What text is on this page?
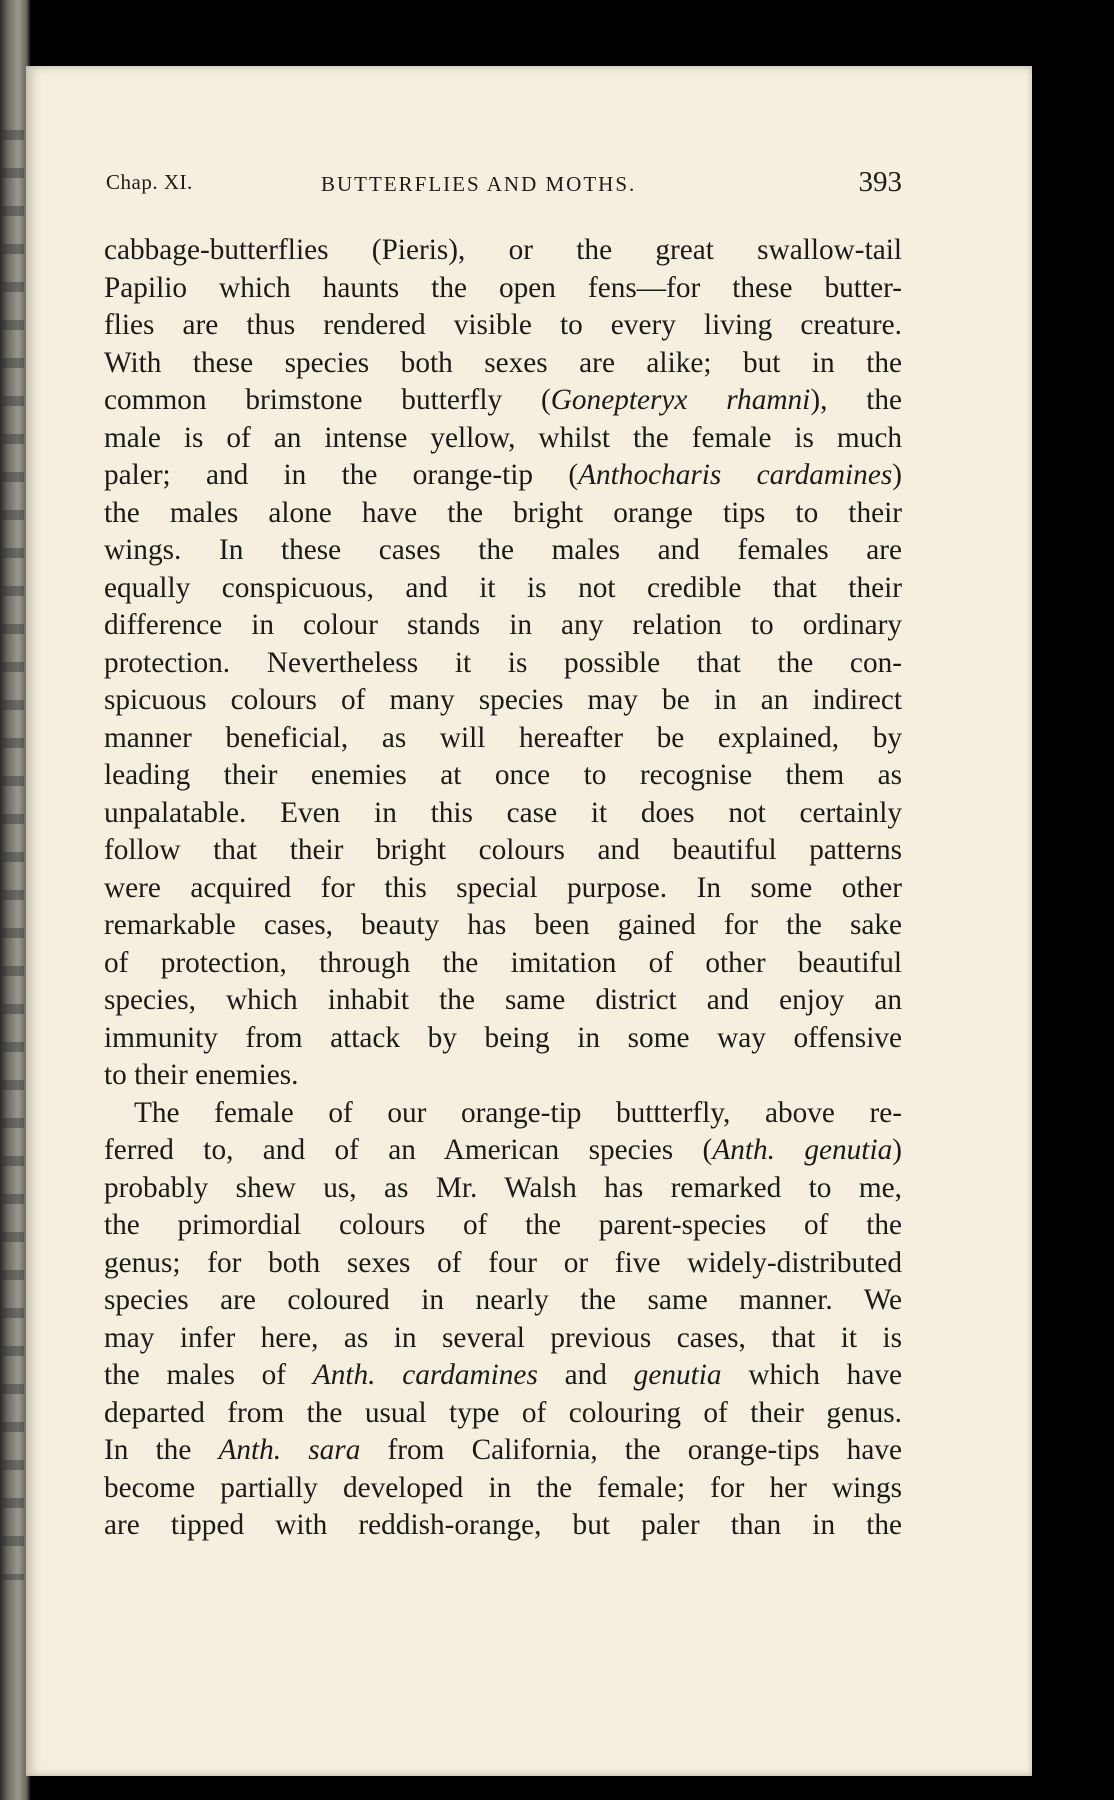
Chap. XI.	BUTTERFLIES AND MOTHS.	393
cabbage-butterflies (Pieris), or the great swallow-tail
Papilio which haunts the open fens—for these butter-
flies are thus rendered visible to every living creature.
With these species both sexes are alike; but in the
common brimstone butterfly (Gonepteryx rhamni), the
male is of an intense yellow, whilst the female is much
paler; and in the orange-tip (Anthocharis cardamines)
the males alone have the bright orange tips to their
wings. In these cases the males and females are
equally conspicuous, and it is not credible that their
difference in colour stands in any relation to ordinary
protection. Nevertheless it is possible that the con-
spicuous colours of many species may be in an indirect
manner beneficial, as will hereafter be explained, by
leading their enemies at once to recognise them as
unpalatable. Even in this case it does not certainly
follow that their bright colours and beautiful patterns
were acquired for this special purpose. In some other
remarkable cases, beauty has been gained for the sake
of protection, through the imitation of other beautiful
species, which inhabit the same district and enjoy an
immunity from attack by being in some way offensive
to their enemies.
The female of our orange-tip buttterfly, above re-
ferred to, and of an American species (Anth. genutia)
probably shew us, as Mr. Walsh has remarked to me,
the primordial colours of the parent-species of the
genus; for both sexes of four or five widely-distributed
species are coloured in nearly the same manner. We
may infer here, as in several previous cases, that it is
the males of Anth. cardamines and genutia which have
departed from the usual type of colouring of their genus.
In the Anth. sara from California, the orange-tips have
become partially developed in the female; for her wings
are tipped with reddish-orange, but paler than in the
